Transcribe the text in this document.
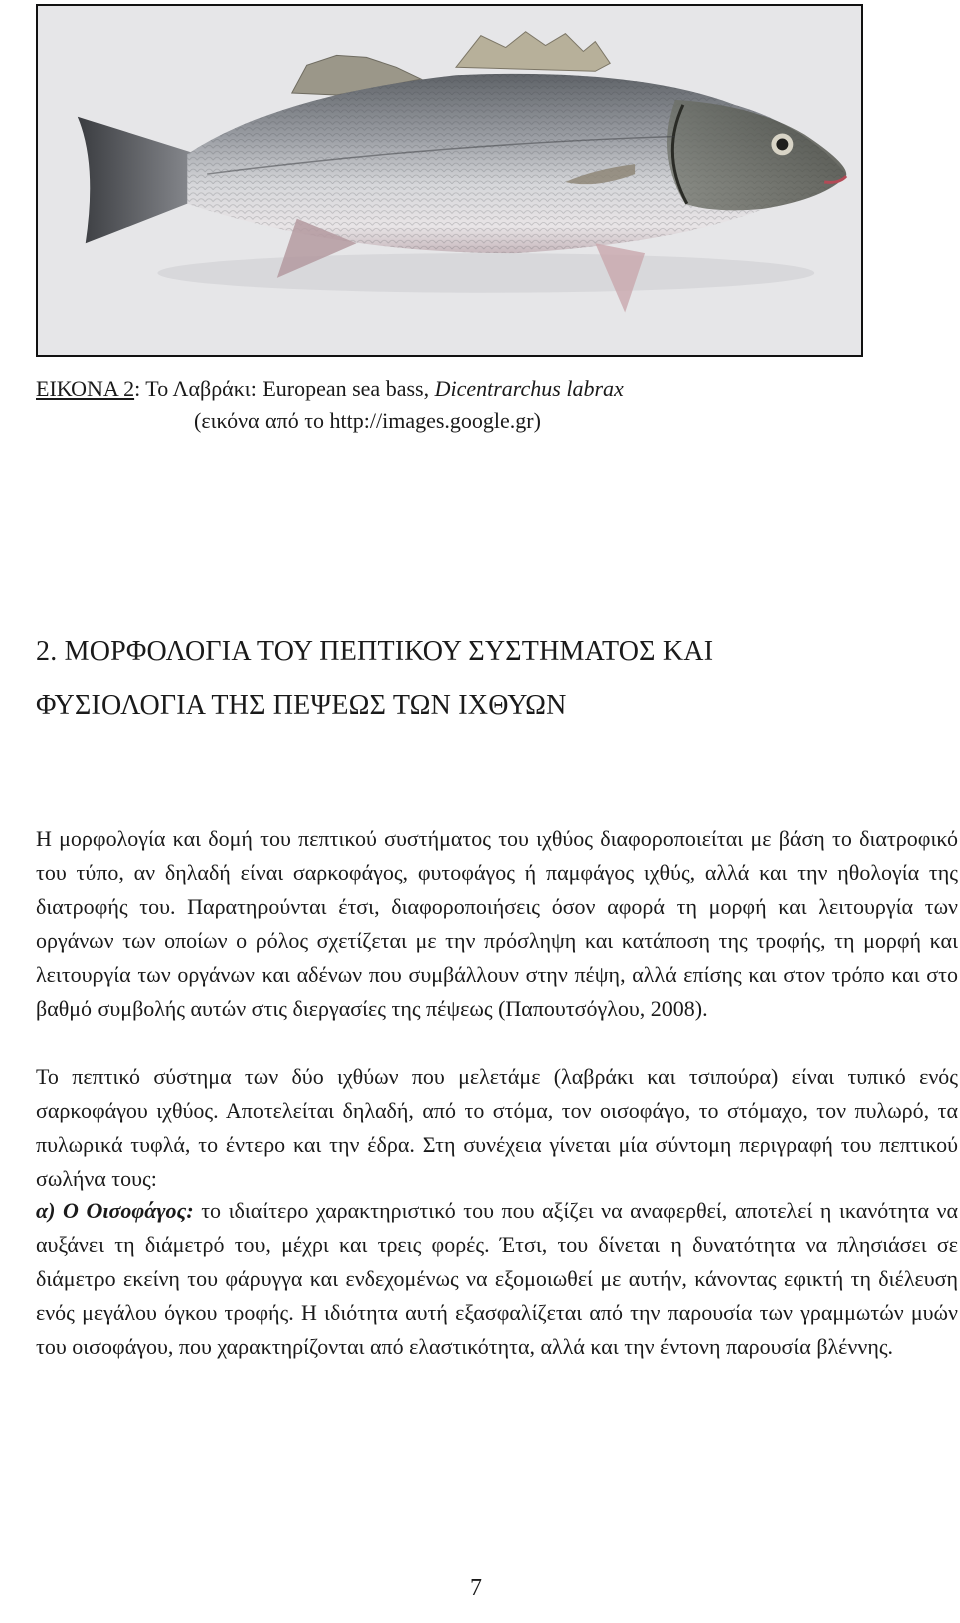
ΕΙΚΟΝΑ 2: Το Λαβράκι: European sea bass, Dicentrarchus labrax
(εικόνα από το http://images.google.gr)
2. ΜΟΡΦΟΛΟΓΙΑ ΤΟΥ ΠΕΠΤΙΚΟΥ ΣΥΣΤΗΜΑΤΟΣ ΚΑΙ
ΦΥΣΙΟΛΟΓΙΑ ΤΗΣ ΠΕΨΕΩΣ ΤΩΝ ΙΧΘΥΩΝ

Η μορφολογία και δομή του πεπτικού συστήματος του ιχθύος διαφοροποιείται με βάση το διατροφικό του τύπο, αν δηλαδή είναι σαρκοφάγος, φυτοφάγος ή παμφάγος ιχθύς, αλλά και την ηθολογία της διατροφής του. Παρατηρούνται έτσι, διαφοροποιήσεις όσον αφορά τη μορφή και λειτουργία των οργάνων των οποίων ο ρόλος σχετίζεται με την πρόσληψη και κατάποση της τροφής, τη μορφή και λειτουργία των οργάνων και αδένων που συμβάλλουν στην πέψη, αλλά επίσης και στον τρόπο και στο βαθμό συμβολής αυτών στις διεργασίες της πέψεως (Παπουτσόγλου, 2008).

Το πεπτικό σύστημα των δύο ιχθύων που μελετάμε (λαβράκι και τσιπούρα) είναι τυπικό ενός σαρκοφάγου ιχθύος. Αποτελείται δηλαδή, από το στόμα, τον οισοφάγο, το στόμαχο, τον πυλωρό, τα πυλωρικά τυφλά, το έντερο και την έδρα. Στη συνέχεια γίνεται μία σύντομη περιγραφή του πεπτικού σωλήνα τους:

α) Ο Οισοφάγος: το ιδιαίτερο χαρακτηριστικό του που αξίζει να αναφερθεί, αποτελεί η ικανότητα να αυξάνει τη διάμετρό του, μέχρι και τρεις φορές. Έτσι, του δίνεται η δυνατότητα να πλησιάσει σε διάμετρο εκείνη του φάρυγγα και ενδεχομένως να εξομοιωθεί με αυτήν, κάνοντας εφικτή τη διέλευση ενός μεγάλου όγκου τροφής. Η ιδιότητα αυτή εξασφαλίζεται από την παρουσία των γραμμωτών μυών του οισοφάγου, που χαρακτηρίζονται από ελαστικότητα, αλλά και την έντονη παρουσία βλέννης.

7
